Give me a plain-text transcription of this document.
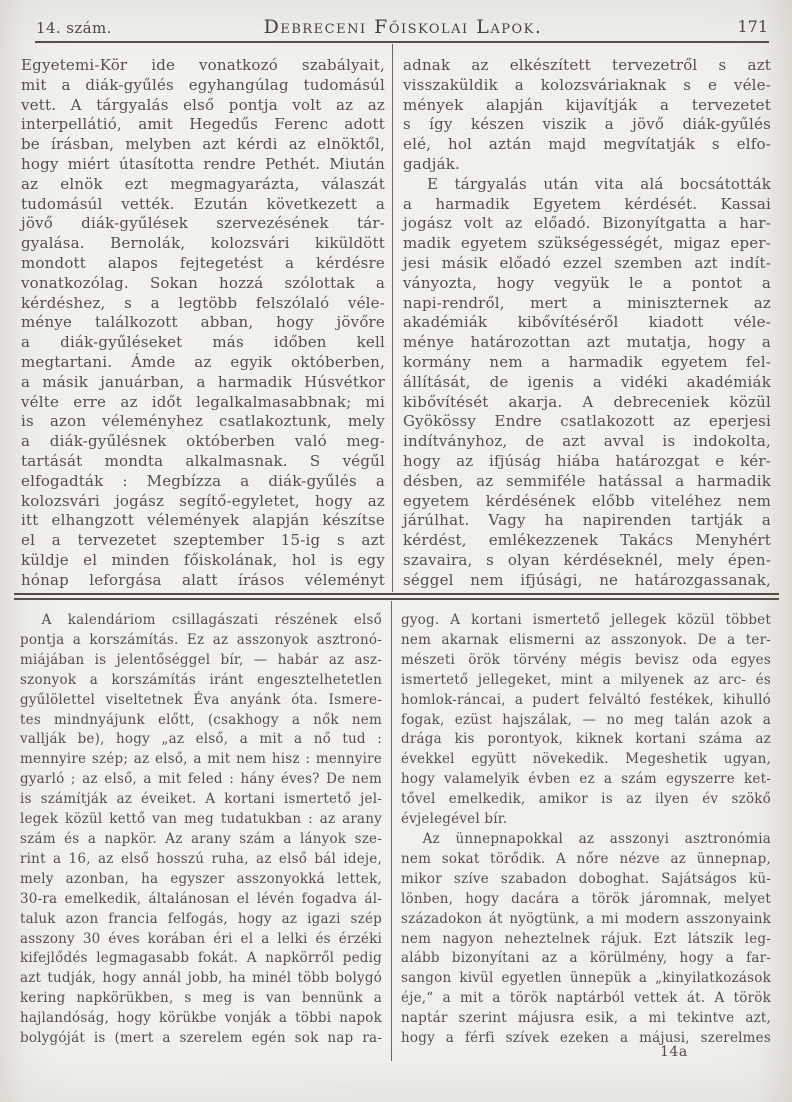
14. szám.	Debreceni Főiskolai Lapok.	171
Egyetemi-Kör ide vonatkozó szabályait,
mit a diák-gyűlés egyhangúlag tudomásúl
vett. A tárgyalás első pontja volt az az
interpellátió, amit Hegedűs Ferenc adott
be írásban, melyben azt kérdi az elnöktől,
hogy miért útasította rendre Pethét. Miután
az elnök ezt megmagyarázta, válaszát
tudomásúl vették. Ezután következett a
jövő diák-gyűlések szervezésének tár-
gyalása. Bernolák, kolozsvári kiküldött
mondott alapos fejtegetést a kérdésre
vonatkozólag. Sokan hozzá szólottak a
kérdéshez, s a legtöbb felszólaló véle-
ménye találkozott abban, hogy jövőre
a diák-gyűléseket más időben kell
megtartani. Ámde az egyik októberben,
a másik januárban, a harmadik Húsvétkor
vélte erre az időt legalkalmasabbnak; mi
is azon véleményhez csatlakoztunk, mely
a diák-gyűlésnek októberben való meg-
tartását mondta alkalmasnak. S végűl
elfogadták : Megbízza a diák-gyűlés a
kolozsvári jogász segítő-egyletet, hogy az
itt elhangzott vélemények alapján készítse
el a tervezetet szeptember 15-ig s azt
küldje el minden főiskolának, hol is egy
hónap leforgása alatt írásos véleményt
adnak az elkészített tervezetről s azt
visszaküldik a kolozsváriaknak s e véle-
mények alapján kijavítják a tervezetet
s így készen viszik a jövő diák-gyűlés
elé, hol aztán majd megvítatják s elfo-
gadják.
E tárgyalás után vita alá bocsátották
a harmadik Egyetem kérdését. Kassai
jogász volt az előadó. Bizonyítgatta a har-
madik egyetem szükségességét, migaz eper-
jesi másik előadó ezzel szemben azt indít-
ványozta, hogy vegyük le a pontot a
napi-rendről, mert a miniszternek az
akadémiák kibővítéséről kiadott véle-
ménye határozottan azt mutatja, hogy a
kormány nem a harmadik egyetem fel-
állítását, de igenis a vidéki akadémiák
kibővítését akarja. A debreceniek közül
Gyökössy Endre csatlakozott az eperjesi
indítványhoz, de azt avval is indokolta,
hogy az ifjúság hiába határozgat e kér-
désben, az semmiféle hatással a harmadik
egyetem kérdésének előbb viteléhez nem
járúlhat. Vagy ha napirenden tartják a
kérdést, emlékezzenek Takács Menyhért
szavaira, s olyan kérdéseknél, mely épen-
séggel nem ifjúsági, ne határozgassanak,
A kalendáriom csillagászati részének első
pontja a korszámítás. Ez az asszonyok asztronó-
miájában is jelentőséggel bír, — habár az asz-
szonyok a korszámítás iránt engesztelhetetlen
gyűlölettel viseltetnek Éva anyánk óta. Ismere-
tes mindnyájunk előtt, (csakhogy a nők nem
vallják be), hogy „az első, a mit a nő tud :
mennyire szép; az első, a mit nem hisz : mennyire
gyarló ; az első, a mit feled : hány éves? De nem
is számítják az éveiket. A kortani ismertető jel-
legek közül kettő van meg tudatukban : az arany
szám és a napkör. Az arany szám a lányok sze-
rint a 16, az első hosszú ruha, az első bál ideje,
mely azonban, ha egyszer asszonyokká lettek,
30-ra emelkedik, általánosan el lévén fogadva ál-
taluk azon francia felfogás, hogy az igazi szép
asszony 30 éves korában éri el a lelki és érzéki
kifejlődés legmagasabb fokát. A napkörről pedig
azt tudják, hogy annál jobb, ha minél több bolygó
kering napkörükben, s meg is van bennünk a
hajlandóság, hogy körükbe vonják a többi napok
bolygóját is (mert a szerelem egén sok nap ra-
gyog. A kortani ismertető jellegek közül többet
nem akarnak elismerni az asszonyok. De a ter-
mészeti örök törvény mégis bevisz oda egyes
ismertető jellegeket, mint a milyenek az arc- és
homlok-ráncai, a pudert felváltó festékek, kihulló
fogak, ezüst hajszálak, — no meg talán azok a
drága kis porontyok, kiknek kortani száma az
évekkel együtt növekedik. Megeshetik ugyan,
hogy valamelyik évben ez a szám egyszerre ket-
tővel emelkedik, amikor is az ilyen év szökő
évjelegével bír.
Az ünnepnapokkal az asszonyi asztronómia
nem sokat törődik. A nőre nézve az ünnepnap,
mikor szíve szabadon doboghat. Sajátságos kü-
lönben, hogy dacára a török járomnak, melyet
századokon át nyögtünk, a mi modern asszonyaink
nem nagyon neheztelnek rájuk. Ezt látszik leg-
alább bizonyítani az a körülmény, hogy a far-
sangon kivül egyetlen ünnepük a „kinyilatkozások
éje,“ a mit a török naptárból vettek át. A török
naptár szerint májusra esik, a mi tekintve azt,
hogy a férfi szívek ezeken a májusi, szerelmes
14a
